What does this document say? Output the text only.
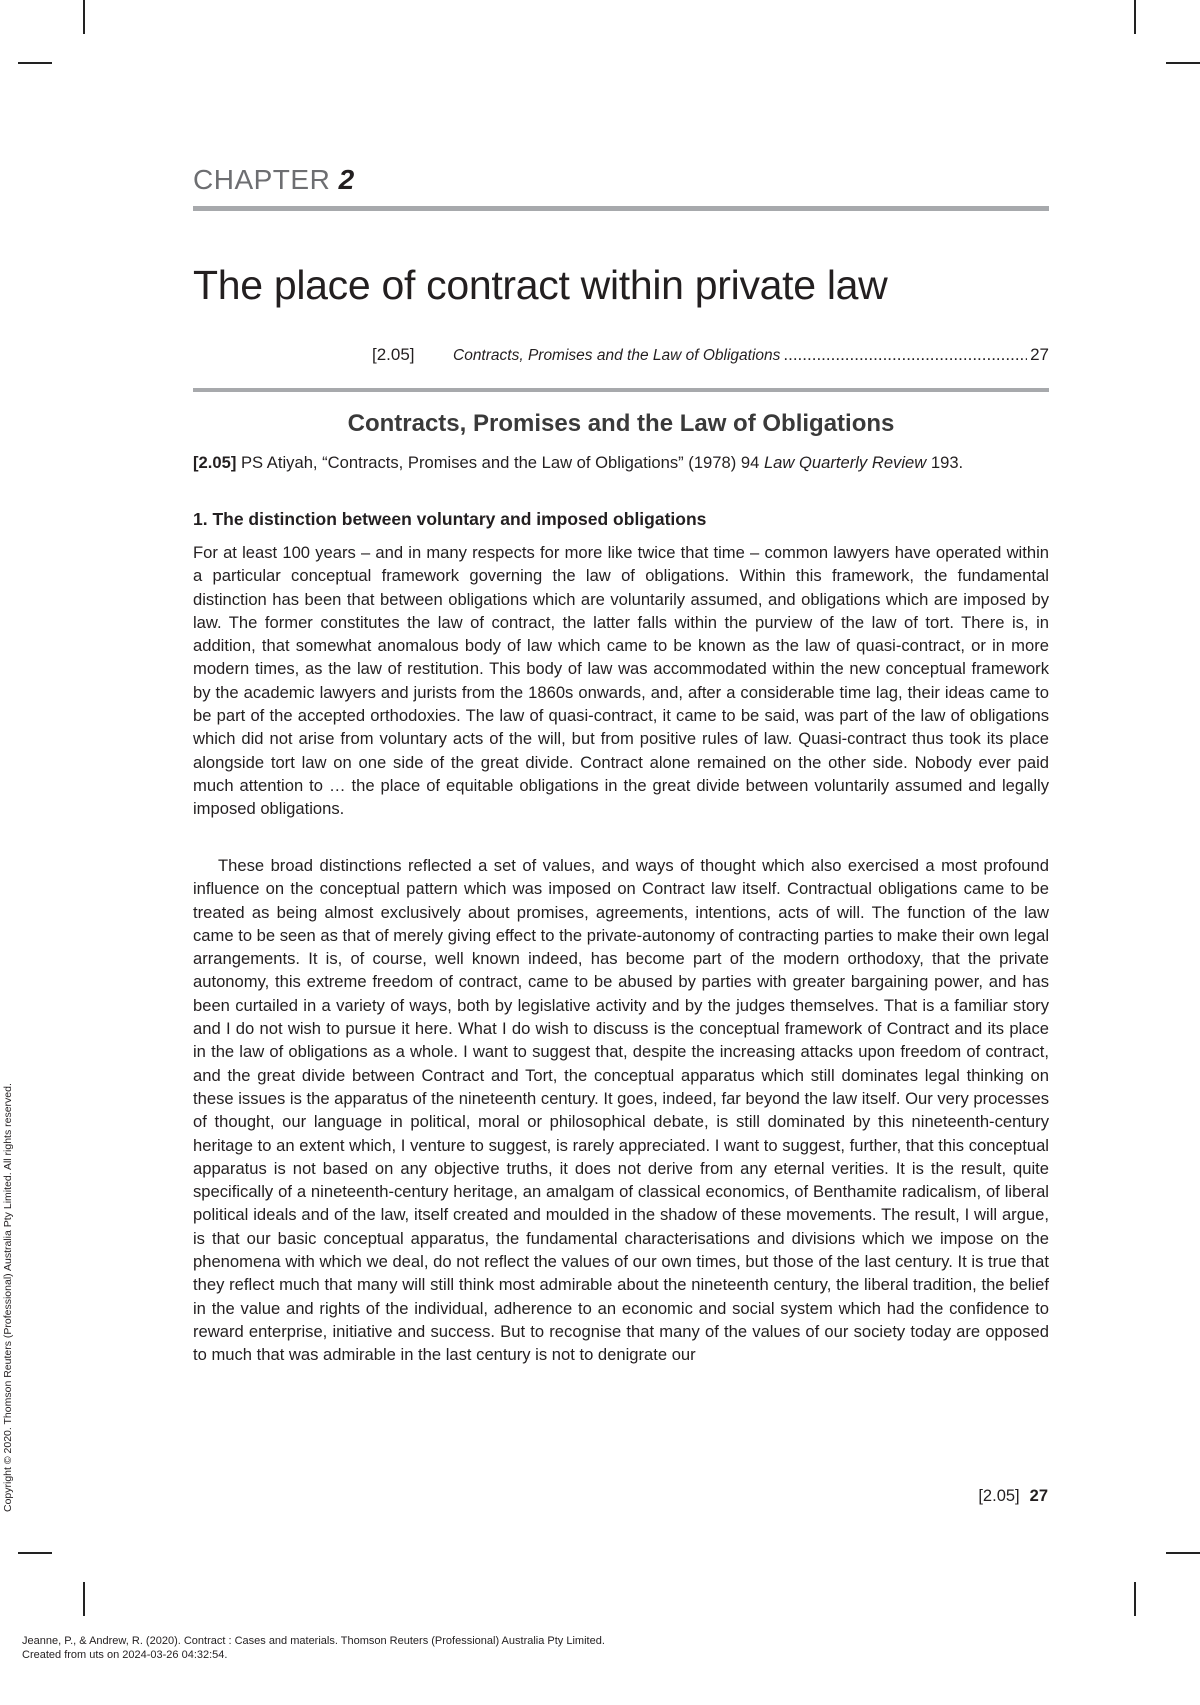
CHAPTER 2
The place of contract within private law
[2.05]	Contracts, Promises and the Law of Obligations
.....	27
Contracts, Promises and the Law of Obligations
[2.05] PS Atiyah, “Contracts, Promises and the Law of Obligations” (1978) 94 Law Quarterly Review 193.
1. The distinction between voluntary and imposed obligations
For at least 100 years – and in many respects for more like twice that time – common lawyers have operated within a particular conceptual framework governing the law of obligations. Within this framework, the fundamental distinction has been that between obligations which are voluntarily assumed, and obligations which are imposed by law. The former constitutes the law of contract, the latter falls within the purview of the law of tort. There is, in addition, that somewhat anomalous body of law which came to be known as the law of quasi-contract, or in more modern times, as the law of restitution. This body of law was accommodated within the new conceptual framework by the academic lawyers and jurists from the 1860s onwards, and, after a considerable time lag, their ideas came to be part of the accepted orthodoxies. The law of quasi-contract, it came to be said, was part of the law of obligations which did not arise from voluntary acts of the will, but from positive rules of law. Quasi-contract thus took its place alongside tort law on one side of the great divide. Contract alone remained on the other side. Nobody ever paid much attention to … the place of equitable obligations in the great divide between voluntarily assumed and legally imposed obligations.
These broad distinctions reflected a set of values, and ways of thought which also exercised a most profound influence on the conceptual pattern which was imposed on Contract law itself. Contractual obligations came to be treated as being almost exclusively about promises, agreements, intentions, acts of will. The function of the law came to be seen as that of merely giving effect to the private-autonomy of contracting parties to make their own legal arrangements. It is, of course, well known indeed, has become part of the modern orthodoxy, that the private autonomy, this extreme freedom of contract, came to be abused by parties with greater bargaining power, and has been curtailed in a variety of ways, both by legislative activity and by the judges themselves. That is a familiar story and I do not wish to pursue it here. What I do wish to discuss is the conceptual framework of Contract and its place in the law of obligations as a whole. I want to suggest that, despite the increasing attacks upon freedom of contract, and the great divide between Contract and Tort, the conceptual apparatus which still dominates legal thinking on these issues is the apparatus of the nineteenth century. It goes, indeed, far beyond the law itself. Our very processes of thought, our language in political, moral or philosophical debate, is still dominated by this nineteenth-century heritage to an extent which, I venture to suggest, is rarely appreciated. I want to suggest, further, that this conceptual apparatus is not based on any objective truths, it does not derive from any eternal verities. It is the result, quite specifically of a nineteenth-century heritage, an amalgam of classical economics, of Benthamite radicalism, of liberal political ideals and of the law, itself created and moulded in the shadow of these movements. The result, I will argue, is that our basic conceptual apparatus, the fundamental characterisations and divisions which we impose on the phenomena with which we deal, do not reflect the values of our own times, but those of the last century. It is true that they reflect much that many will still think most admirable about the nineteenth century, the liberal tradition, the belief in the value and rights of the individual, adherence to an economic and social system which had the confidence to reward enterprise, initiative and success. But to recognise that many of the values of our society today are opposed to much that was admirable in the last century is not to denigrate our
[2.05] 27
Copyright © 2020. Thomson Reuters (Professional) Australia Pty Limited. All rights reserved.
Jeanne, P., & Andrew, R. (2020). Contract : Cases and materials. Thomson Reuters (Professional) Australia Pty Limited.
Created from uts on 2024-03-26 04:32:54.
